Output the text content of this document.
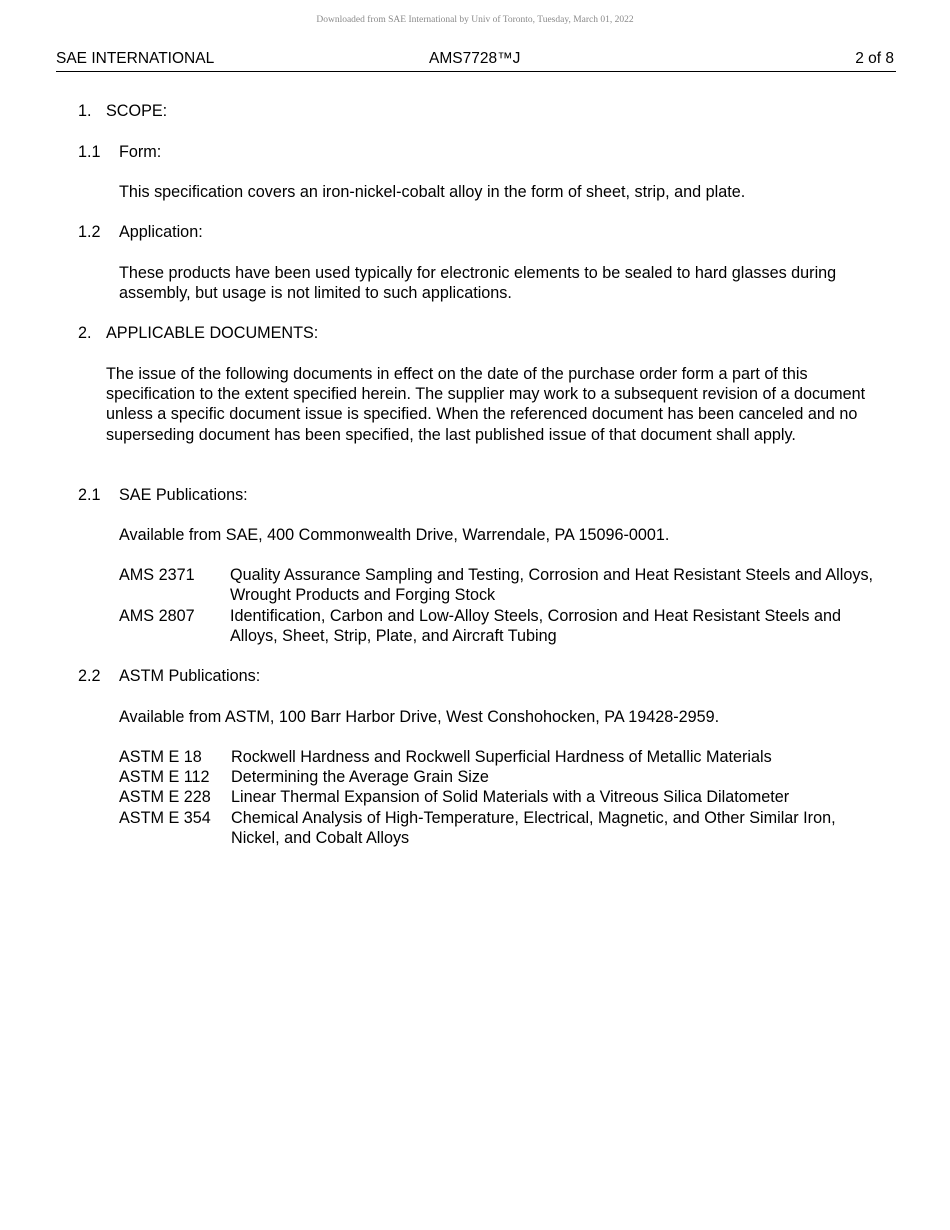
Downloaded from SAE International by Univ of Toronto, Tuesday, March 01, 2022
SAE INTERNATIONAL	AMS7728™J	2 of 8
1. SCOPE:
1.1 Form:
This specification covers an iron-nickel-cobalt alloy in the form of sheet, strip, and plate.
1.2 Application:
These products have been used typically for electronic elements to be sealed to hard glasses during assembly, but usage is not limited to such applications.
2. APPLICABLE DOCUMENTS:
The issue of the following documents in effect on the date of the purchase order form a part of this specification to the extent specified herein. The supplier may work to a subsequent revision of a document unless a specific document issue is specified. When the referenced document has been canceled and no superseding document has been specified, the last published issue of that document shall apply.
2.1 SAE Publications:
Available from SAE, 400 Commonwealth Drive, Warrendale, PA 15096-0001.
AMS 2371 Quality Assurance Sampling and Testing, Corrosion and Heat Resistant Steels and Alloys, Wrought Products and Forging Stock
AMS 2807 Identification, Carbon and Low-Alloy Steels, Corrosion and Heat Resistant Steels and Alloys, Sheet, Strip, Plate, and Aircraft Tubing
2.2 ASTM Publications:
Available from ASTM, 100 Barr Harbor Drive, West Conshohocken, PA 19428-2959.
ASTM E 18 Rockwell Hardness and Rockwell Superficial Hardness of Metallic Materials
ASTM E 112 Determining the Average Grain Size
ASTM E 228 Linear Thermal Expansion of Solid Materials with a Vitreous Silica Dilatometer
ASTM E 354 Chemical Analysis of High-Temperature, Electrical, Magnetic, and Other Similar Iron, Nickel, and Cobalt Alloys
